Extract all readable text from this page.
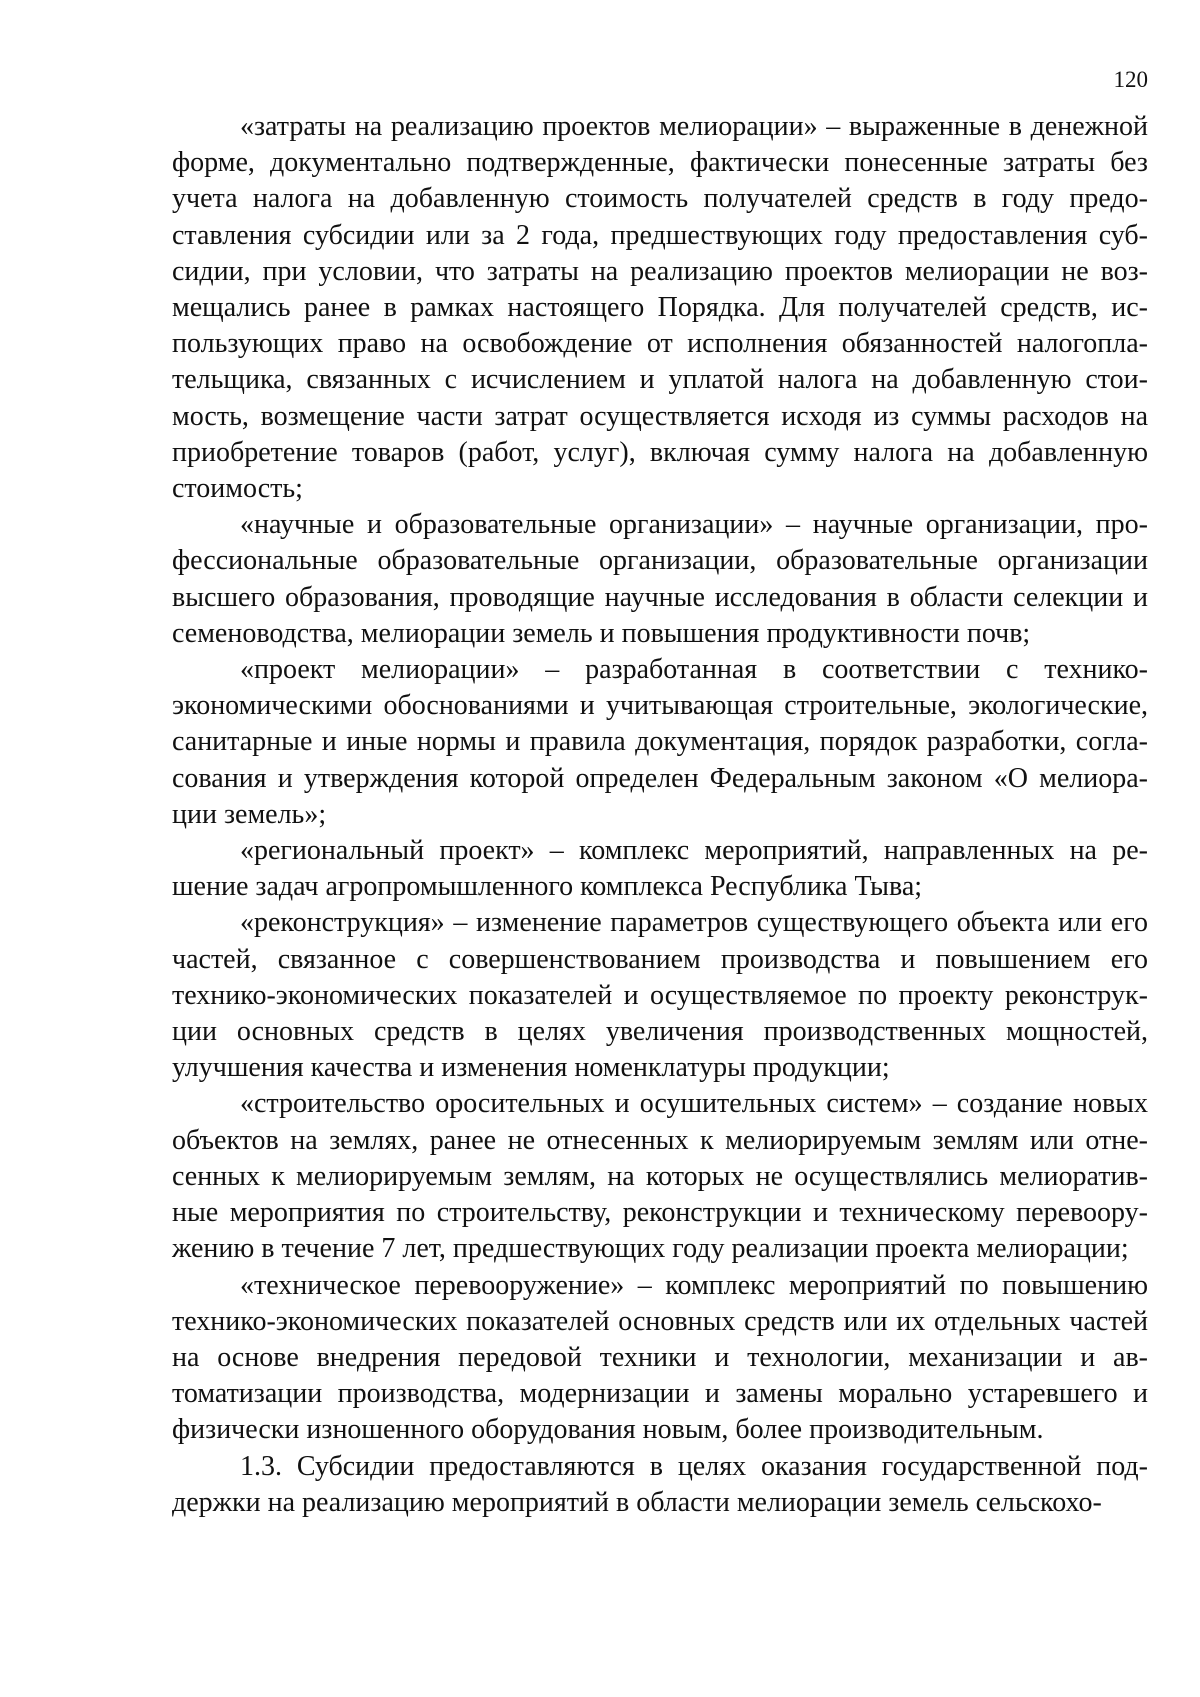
120

«затраты на реализацию проектов мелиорации» – выраженные в денежной форме, документально подтвержденные, фактически понесенные затраты без учета налога на добавленную стоимость получателей средств в году предоставления субсидии или за 2 года, предшествующих году предоставления субсидии, при условии, что затраты на реализацию проектов мелиорации не возмещались ранее в рамках настоящего Порядка. Для получателей средств, использующих право на освобождение от исполнения обязанностей налогоплательщика, связанных с исчислением и уплатой налога на добавленную стоимость, возмещение части затрат осуществляется исходя из суммы расходов на приобретение товаров (работ, услуг), включая сумму налога на добавленную стоимость;

«научные и образовательные организации» – научные организации, профессиональные образовательные организации, образовательные организации высшего образования, проводящие научные исследования в области селекции и семеноводства, мелиорации земель и повышения продуктивности почв;

«проект мелиорации» – разработанная в соответствии с технико-экономическими обоснованиями и учитывающая строительные, экологические, санитарные и иные нормы и правила документация, порядок разработки, согласования и утверждения которой определен Федеральным законом «О мелиорации земель»;

«региональный проект» – комплекс мероприятий, направленных на решение задач агропромышленного комплекса Республика Тыва;

«реконструкция» – изменение параметров существующего объекта или его частей, связанное с совершенствованием производства и повышением его технико-экономических показателей и осуществляемое по проекту реконструкции основных средств в целях увеличения производственных мощностей, улучшения качества и изменения номенклатуры продукции;

«строительство оросительных и осушительных систем» – создание новых объектов на землях, ранее не отнесенных к мелиорируемым землям или отнесенных к мелиорируемым землям, на которых не осуществлялись мелиоративные мероприятия по строительству, реконструкции и техническому перевооружению в течение 7 лет, предшествующих году реализации проекта мелиорации;

«техническое перевооружение» – комплекс мероприятий по повышению технико-экономических показателей основных средств или их отдельных частей на основе внедрения передовой техники и технологии, механизации и автоматизации производства, модернизации и замены морально устаревшего и физически изношенного оборудования новым, более производительным.

1.3. Субсидии предоставляются в целях оказания государственной поддержки на реализацию мероприятий в области мелиорации земель сельскохо-
